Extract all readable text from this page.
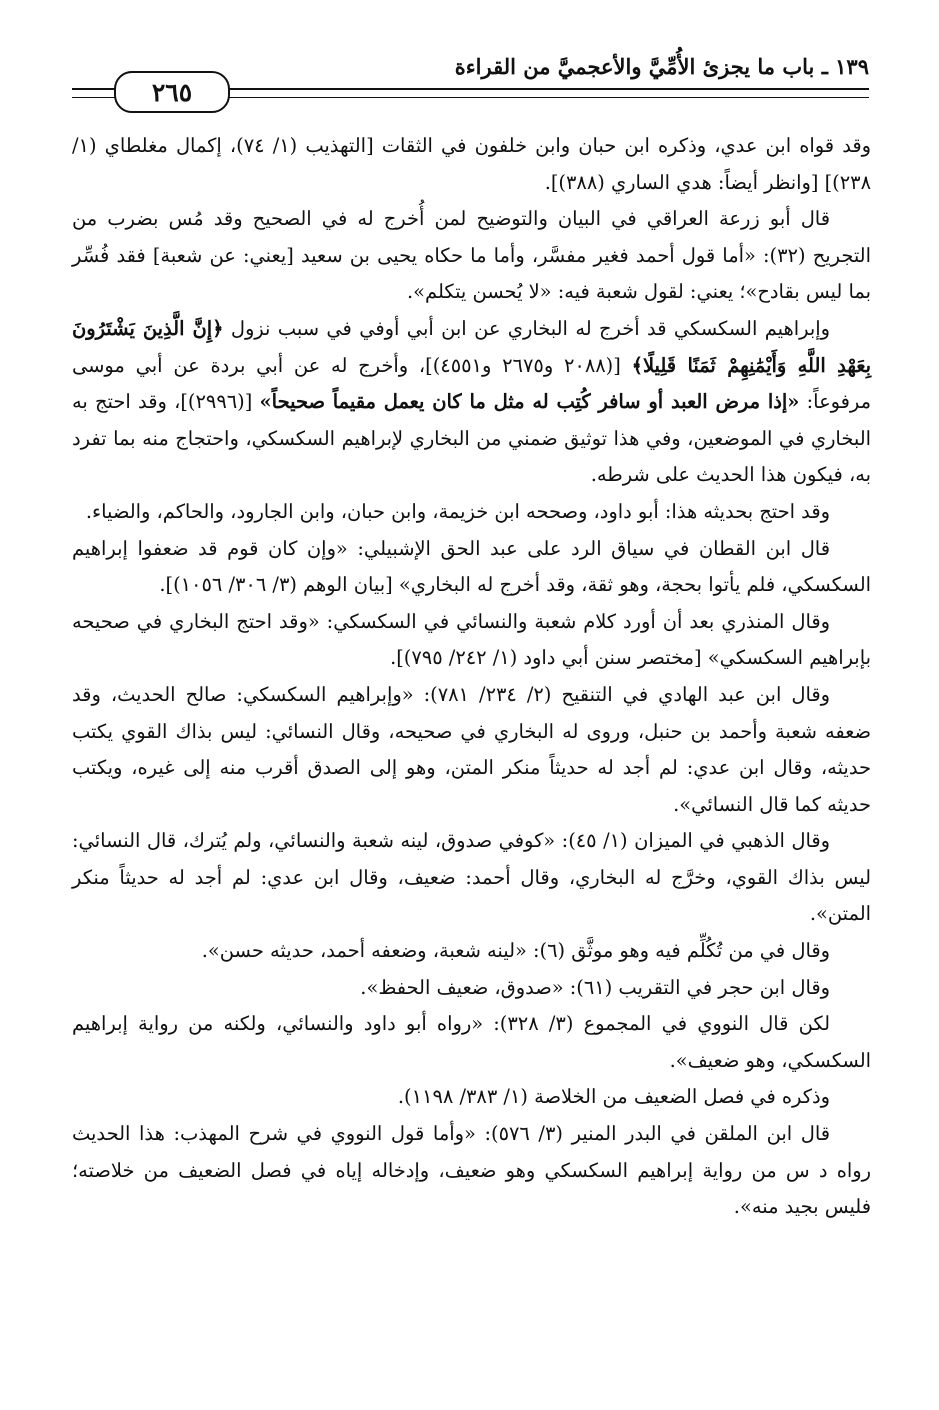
١٣٩ ـ باب ما يجزئ الأُمِّيَّ والأعجميَّ من القراءة
٢٦٥

وقد قواه ابن عدي، وذكره ابن حبان وابن خلفون في الثقات [التهذيب (١/ ٧٤)، إكمال مغلطاي (١/ ٢٣٨)] [وانظر أيضاً: هدي الساري (٣٨٨)].

قال أبو زرعة العراقي في البيان والتوضيح لمن أُخرج له في الصحيح وقد مُس بضرب من التجريح (٣٢): «أما قول أحمد فغير مفسَّر، وأما ما حكاه يحيى بن سعيد [يعني: عن شعبة] فقد فُسِّر بما ليس بقادح»؛ يعني: لقول شعبة فيه: «لا يُحسن يتكلم».

وإبراهيم السكسكي قد أخرج له البخاري عن ابن أبي أوفي في سبب نزول ﴿إِنَّ الَّذِينَ يَشْتَرُونَ بِعَهْدِ اللَّهِ وَأَيْمَٰنِهِمْ ثَمَنًا قَلِيلًا﴾ [(٢٠٨٨ و٢٦٧٥ و٤٥٥١)]، وأخرج له عن أبي بردة عن أبي موسى مرفوعاً: «إذا مرض العبد أو سافر كُتِب له مثل ما كان يعمل مقيماً صحيحاً» [(٢٩٩٦)]، وقد احتج به البخاري في الموضعين، وفي هذا توثيق ضمني من البخاري لإبراهيم السكسكي، واحتجاج منه بما تفرد به، فيكون هذا الحديث على شرطه.

وقد احتج بحديثه هذا: أبو داود، وصححه ابن خزيمة، وابن حبان، وابن الجارود، والحاكم، والضياء.

قال ابن القطان في سياق الرد على عبد الحق الإشبيلي: «وإن كان قوم قد ضعفوا إبراهيم السكسكي، فلم يأتوا بحجة، وهو ثقة، وقد أخرج له البخاري» [بيان الوهم (٣/ ٣٠٦/ ١٠٥٦)].

وقال المنذري بعد أن أورد كلام شعبة والنسائي في السكسكي: «وقد احتج البخاري في صحيحه بإبراهيم السكسكي» [مختصر سنن أبي داود (١/ ٢٤٢/ ٧٩٥)].

وقال ابن عبد الهادي في التنقيح (٢/ ٢٣٤/ ٧٨١): «وإبراهيم السكسكي: صالح الحديث، وقد ضعفه شعبة وأحمد بن حنبل، وروى له البخاري في صحيحه، وقال النسائي: ليس بذاك القوي يكتب حديثه، وقال ابن عدي: لم أجد له حديثاً منكر المتن، وهو إلى الصدق أقرب منه إلى غيره، ويكتب حديثه كما قال النسائي».

وقال الذهبي في الميزان (١/ ٤٥): «كوفي صدوق، لينه شعبة والنسائي، ولم يُترك، قال النسائي: ليس بذاك القوي، وخرَّج له البخاري، وقال أحمد: ضعيف، وقال ابن عدي: لم أجد له حديثاً منكر المتن».

وقال في من تُكُلِّم فيه وهو موثَّق (٦): «لينه شعبة، وضعفه أحمد، حديثه حسن».

وقال ابن حجر في التقريب (٦١): «صدوق، ضعيف الحفظ».

لكن قال النووي في المجموع (٣/ ٣٢٨): «رواه أبو داود والنسائي، ولكنه من رواية إبراهيم السكسكي، وهو ضعيف».

وذكره في فصل الضعيف من الخلاصة (١/ ٣٨٣/ ١١٩٨).

قال ابن الملقن في البدر المنير (٣/ ٥٧٦): «وأما قول النووي في شرح المهذب: هذا الحديث رواه د س من رواية إبراهيم السكسكي وهو ضعيف، وإدخاله إياه في فصل الضعيف من خلاصته؛ فليس بجيد منه».
